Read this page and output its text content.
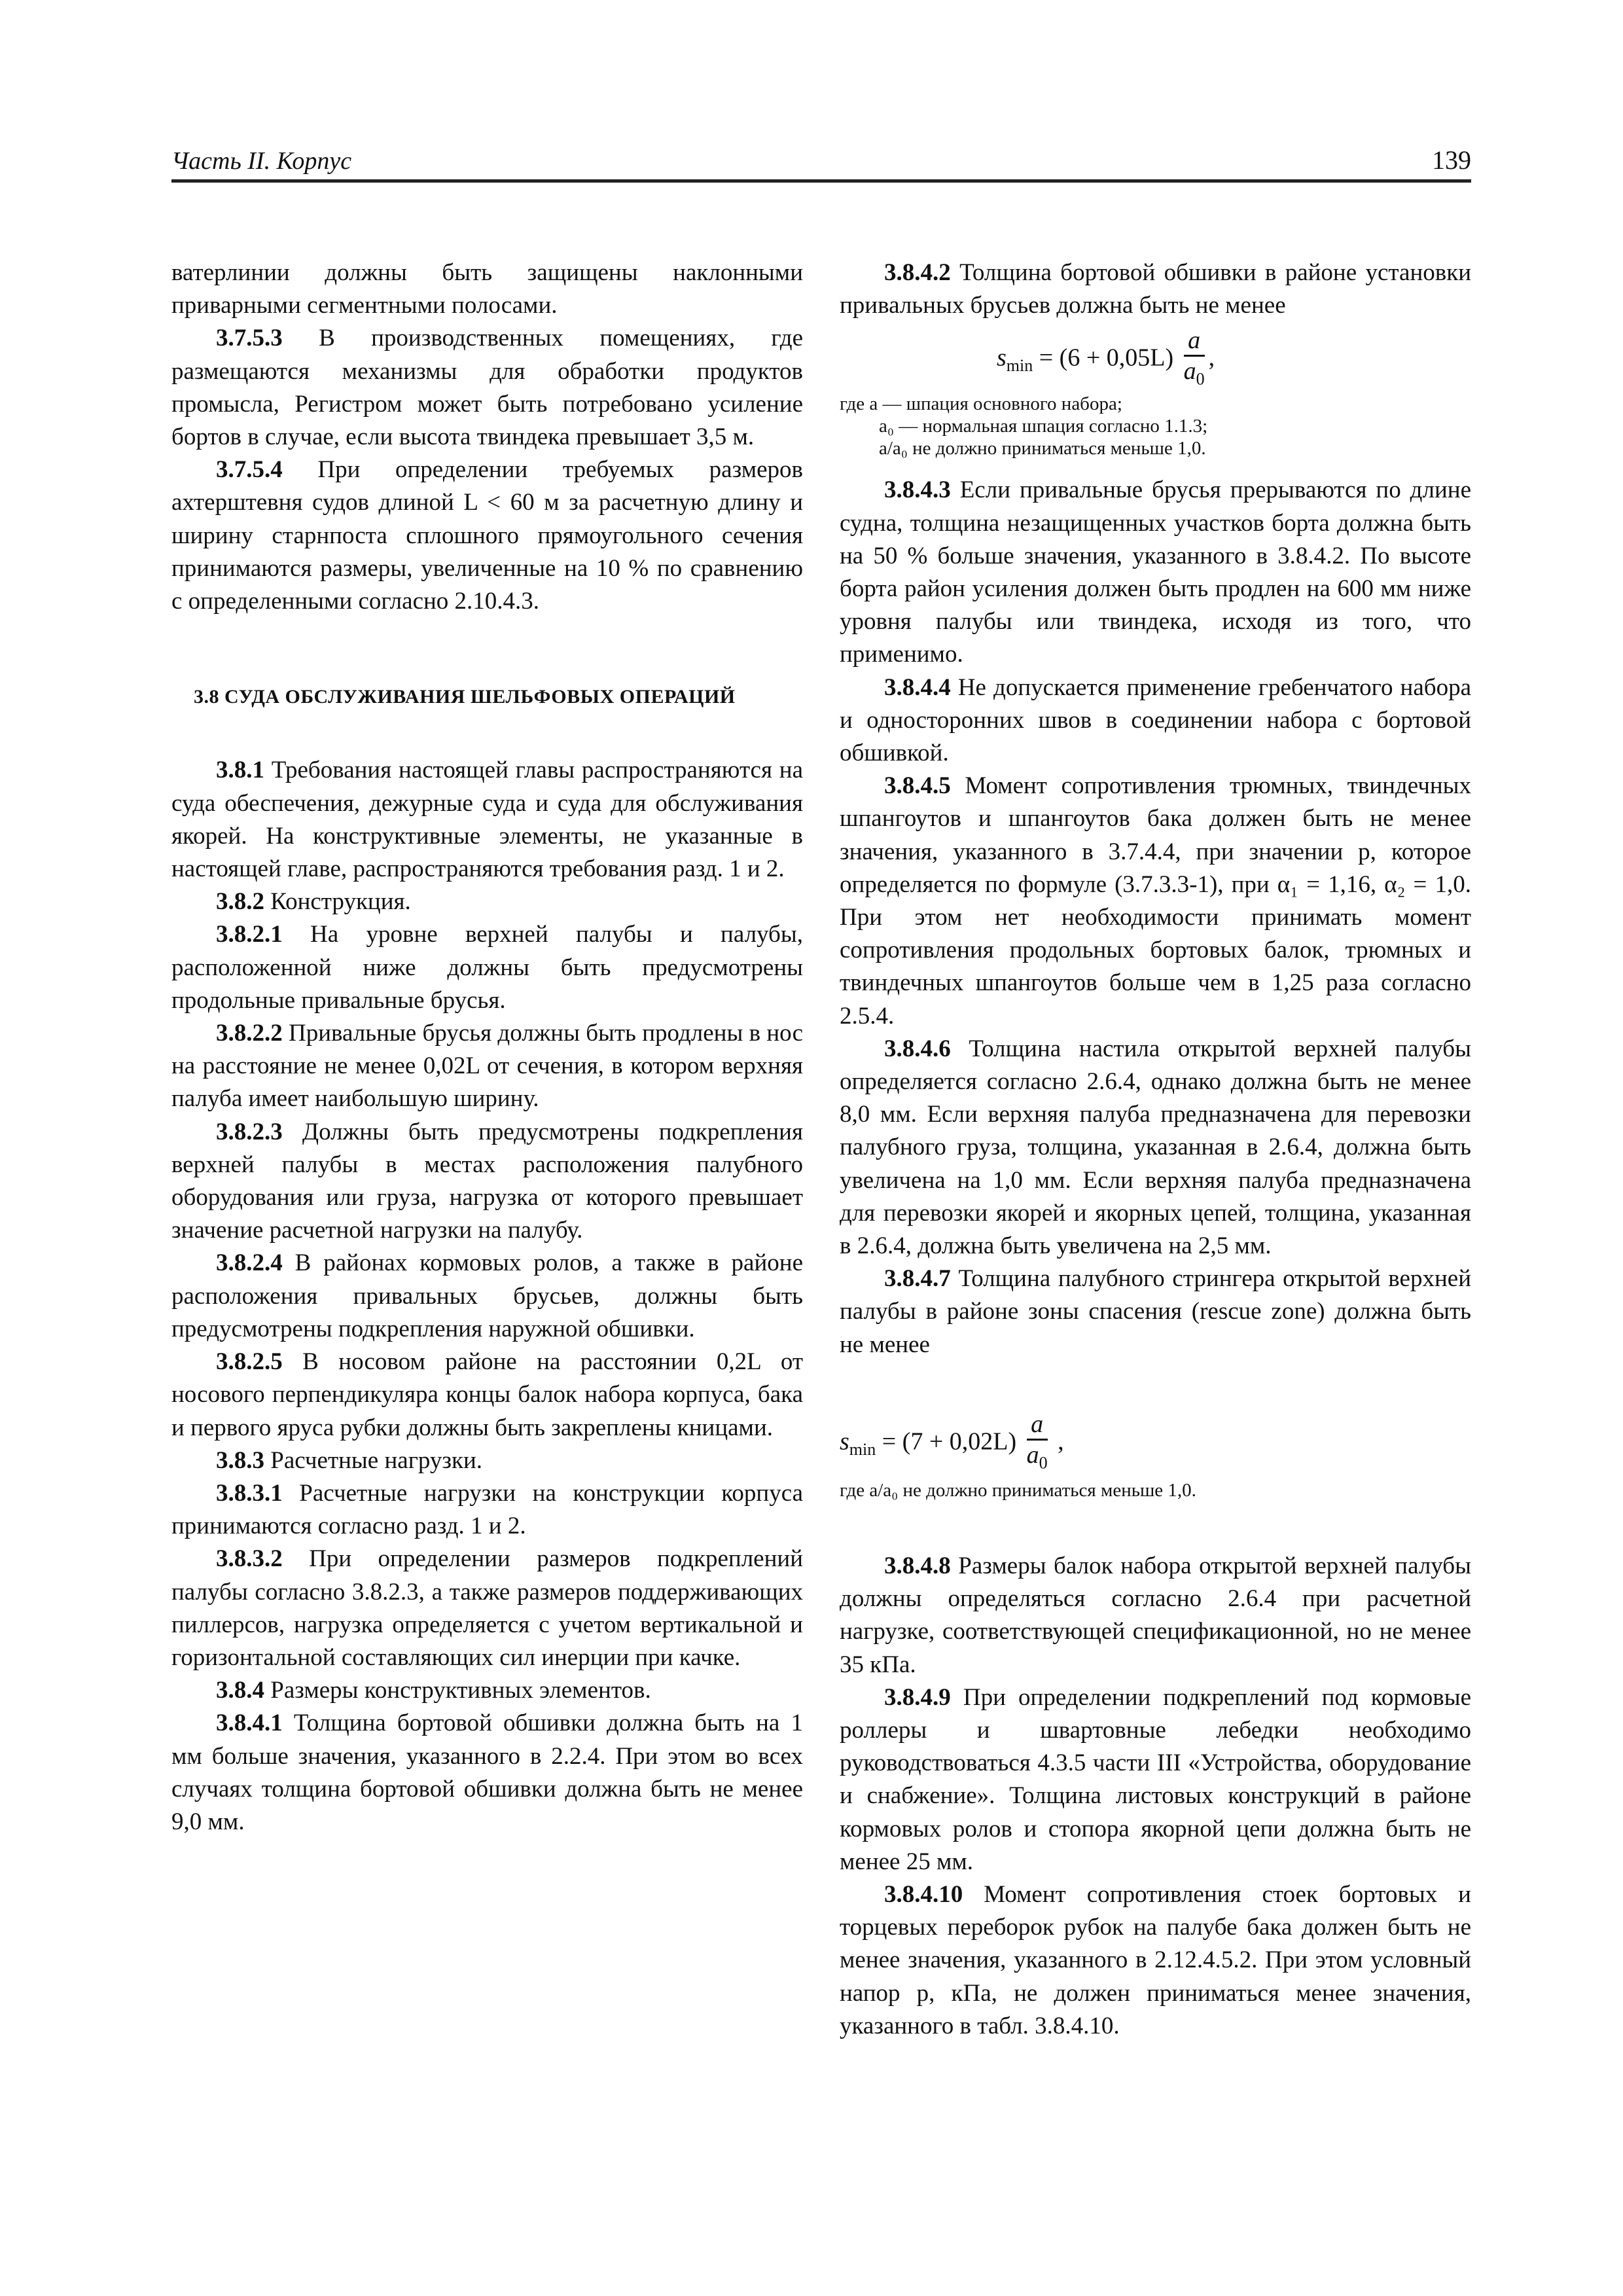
Часть II. Корпус	139

ватерлинии должны быть защищены наклонными приварными сегментными полосами.

3.7.5.3 В производственных помещениях, где размещаются механизмы для обработки продуктов промысла, Регистром может быть потребовано усиление бортов в случае, если высота твиндека превышает 3,5 м.

3.7.5.4 При определении требуемых размеров ахтерштевня судов длиной L < 60 м за расчетную длину и ширину старнпоста сплошного прямоугольного сечения принимаются размеры, увеличенные на 10 % по сравнению с определенными согласно 2.10.4.3.

3.8 СУДА ОБСЛУЖИВАНИЯ ШЕЛЬФОВЫХ ОПЕРАЦИЙ

3.8.1 Требования настоящей главы распространяются на суда обеспечения, дежурные суда и суда для обслуживания якорей. На конструктивные элементы, не указанные в настоящей главе, распространяются требования разд. 1 и 2.

3.8.2 Конструкция.

3.8.2.1 На уровне верхней палубы и палубы, расположенной ниже должны быть предусмотрены продольные привальные брусья.

3.8.2.2 Привальные брусья должны быть продлены в нос на расстояние не менее 0,02L от сечения, в котором верхняя палуба имеет наибольшую ширину.

3.8.2.3 Должны быть предусмотрены подкрепления верхней палубы в местах расположения палубного оборудования или груза, нагрузка от которого превышает значение расчетной нагрузки на палубу.

3.8.2.4 В районах кормовых ролов, а также в районе расположения привальных брусьев, должны быть предусмотрены подкрепления наружной обшивки.

3.8.2.5 В носовом районе на расстоянии 0,2L от носового перпендикуляра концы балок набора корпуса, бака и первого яруса рубки должны быть закреплены кницами.

3.8.3 Расчетные нагрузки.

3.8.3.1 Расчетные нагрузки на конструкции корпуса принимаются согласно разд. 1 и 2.

3.8.3.2 При определении размеров подкреплений палубы согласно 3.8.2.3, а также размеров поддерживающих пиллерсов, нагрузка определяется с учетом вертикальной и горизонтальной составляющих сил инерции при качке.

3.8.4 Размеры конструктивных элементов.

3.8.4.1 Толщина бортовой обшивки должна быть на 1 мм больше значения, указанного в 2.2.4. При этом во всех случаях толщина бортовой обшивки должна быть не менее 9,0 мм.

3.8.4.2 Толщина бортовой обшивки в районе установки привальных брусьев должна быть не менее

$s_{min} = (6 + 0,05L) \frac{a}{a_0}$ ,
где a — шпация основного набора;
a₀ — нормальная шпация согласно 1.1.3;
a/a₀ не должно приниматься меньше 1,0.

3.8.4.3 Если привальные брусья прерываются по длине судна, толщина незащищенных участков борта должна быть на 50 % больше значения, указанного в 3.8.4.2. По высоте борта район усиления должен быть продлен на 600 мм ниже уровня палубы или твиндека, исходя из того, что применимо.

3.8.4.4 Не допускается применение гребенчатого набора и односторонних швов в соединении набора с бортовой обшивкой.

3.8.4.5 Момент сопротивления трюмных, твиндечных шпангоутов и шпангоутов бака должен быть не менее значения, указанного в 3.7.4.4, при значении p, которое определяется по формуле (3.7.3.3-1), при α₁ = 1,16, α₂ = 1,0. При этом нет необходимости принимать момент сопротивления продольных бортовых балок, трюмных и твиндечных шпангоутов больше чем в 1,25 раза согласно 2.5.4.

3.8.4.6 Толщина настила открытой верхней палубы определяется согласно 2.6.4, однако должна быть не менее 8,0 мм. Если верхняя палуба предназначена для перевозки палубного груза, толщина, указанная в 2.6.4, должна быть увеличена на 1,0 мм. Если верхняя палуба предназначена для перевозки якорей и якорных цепей, толщина, указанная в 2.6.4, должна быть увеличена на 2,5 мм.

3.8.4.7 Толщина палубного стрингера открытой верхней палубы в районе зоны спасения (rescue zone) должна быть не менее

$s_{min} = (7 + 0,02L) \frac{a}{a_0}$ ,
где a/a₀ не должно приниматься меньше 1,0.

3.8.4.8 Размеры балок набора открытой верхней палубы должны определяться согласно 2.6.4 при расчетной нагрузке, соответствующей спецификационной, но не менее 35 кПа.

3.8.4.9 При определении подкреплений под кормовые роллеры и швартовные лебедки необходимо руководствоваться 4.3.5 части III «Устройства, оборудование и снабжение». Толщина листовых конструкций в районе кормовых ролов и стопора якорной цепи должна быть не менее 25 мм.

3.8.4.10 Момент сопротивления стоек бортовых и торцевых переборок рубок на палубе бака должен быть не менее значения, указанного в 2.12.4.5.2. При этом условный напор p, кПа, не должен приниматься менее значения, указанного в табл. 3.8.4.10.
